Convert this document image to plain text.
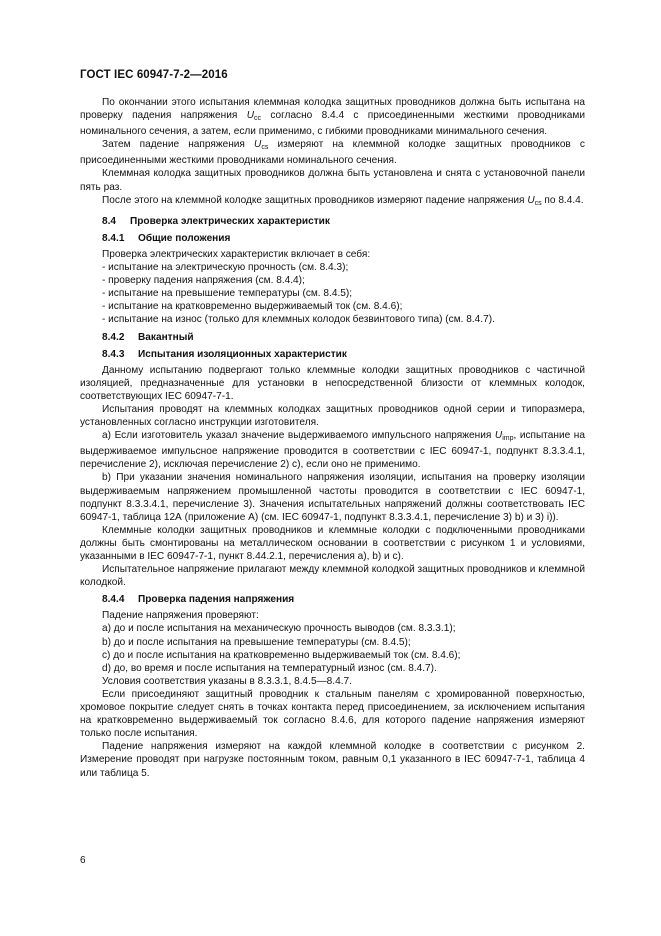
ГОСТ IEC 60947-7-2—2016

По окончании этого испытания клеммная колодка защитных проводников должна быть испытана на проверку падения напряжения $U_{cc}$ согласно 8.4.4 с присоединенными жесткими проводниками номинального сечения, а затем, если применимо, с гибкими проводниками минимального сечения.

Затем падение напряжения $U_{cs}$ измеряют на клеммной колодке защитных проводников с присоединенными жесткими проводниками номинального сечения.

Клеммная колодка защитных проводников должна быть установлена и снята с установочной панели пять раз.

После этого на клеммной колодке защитных проводников измеряют падение напряжения $U_{cs}$ по 8.4.4.

8.4 Проверка электрических характеристик

8.4.1 Общие положения

Проверка электрических характеристик включает в себя:

- испытание на электрическую прочность (см. 8.4.3);

- проверку падения напряжения (см. 8.4.4);

- испытание на превышение температуры (см. 8.4.5);

- испытание на кратковременно выдерживаемый ток (см. 8.4.6);

- испытание на износ (только для клеммных колодок безвинтового типа) (см. 8.4.7).

8.4.2 Вакантный

8.4.3 Испытания изоляционных характеристик

Данному испытанию подвергают только клеммные колодки защитных проводников с частичной изоляцией, предназначенные для установки в непосредственной близости от клеммных колодок, соответствующих IEC 60947-7-1.

Испытания проводят на клеммных колодках защитных проводников одной серии и типоразмера, установленных согласно инструкции изготовителя.

а) Если изготовитель указал значение выдерживаемого импульсного напряжения $U_{imp}$, испытание на выдерживаемое импульсное напряжение проводится в соответствии с IEC 60947-1, подпункт 8.3.3.4.1, перечисление 2), исключая перечисление 2) с), если оно не применимо.

b) При указании значения номинального напряжения изоляции, испытания на проверку изоляции выдерживаемым напряжением промышленной частоты проводится в соответствии с IEC 60947-1, подпункт 8.3.3.4.1, перечисление 3). Значения испытательных напряжений должны соответствовать IEC 60947-1, таблица 12А (приложение А) (см. IEC 60947-1, подпункт 8.3.3.4.1, перечисление 3) b) и 3) i)).

Клеммные колодки защитных проводников и клеммные колодки с подключенными проводниками должны быть смонтированы на металлическом основании в соответствии с рисунком 1 и условиями, указанными в IEC 60947-7-1, пункт 8.44.2.1, перечисления а), b) и с).

Испытательное напряжение прилагают между клеммной колодкой защитных проводников и клеммной колодкой.

8.4.4 Проверка падения напряжения

Падение напряжения проверяют:

а) до и после испытания на механическую прочность выводов (см. 8.3.3.1);

b) до и после испытания на превышение температуры (см. 8.4.5);

с) до и после испытания на кратковременно выдерживаемый ток (см. 8.4.6);

d) до, во время и после испытания на температурный износ (см. 8.4.7).

Условия соответствия указаны в 8.3.3.1, 8.4.5—8.4.7.

Если присоединяют защитный проводник к стальным панелям с хромированной поверхностью, хромовое покрытие следует снять в точках контакта перед присоединением, за исключением испытания на кратковременно выдерживаемый ток согласно 8.4.6, для которого падение напряжения измеряют только после испытания.

Падение напряжения измеряют на каждой клеммной колодке в соответствии с рисунком 2. Измерение проводят при нагрузке постоянным током, равным 0,1 указанного в IEC 60947-7-1, таблица 4 или таблица 5.

6
